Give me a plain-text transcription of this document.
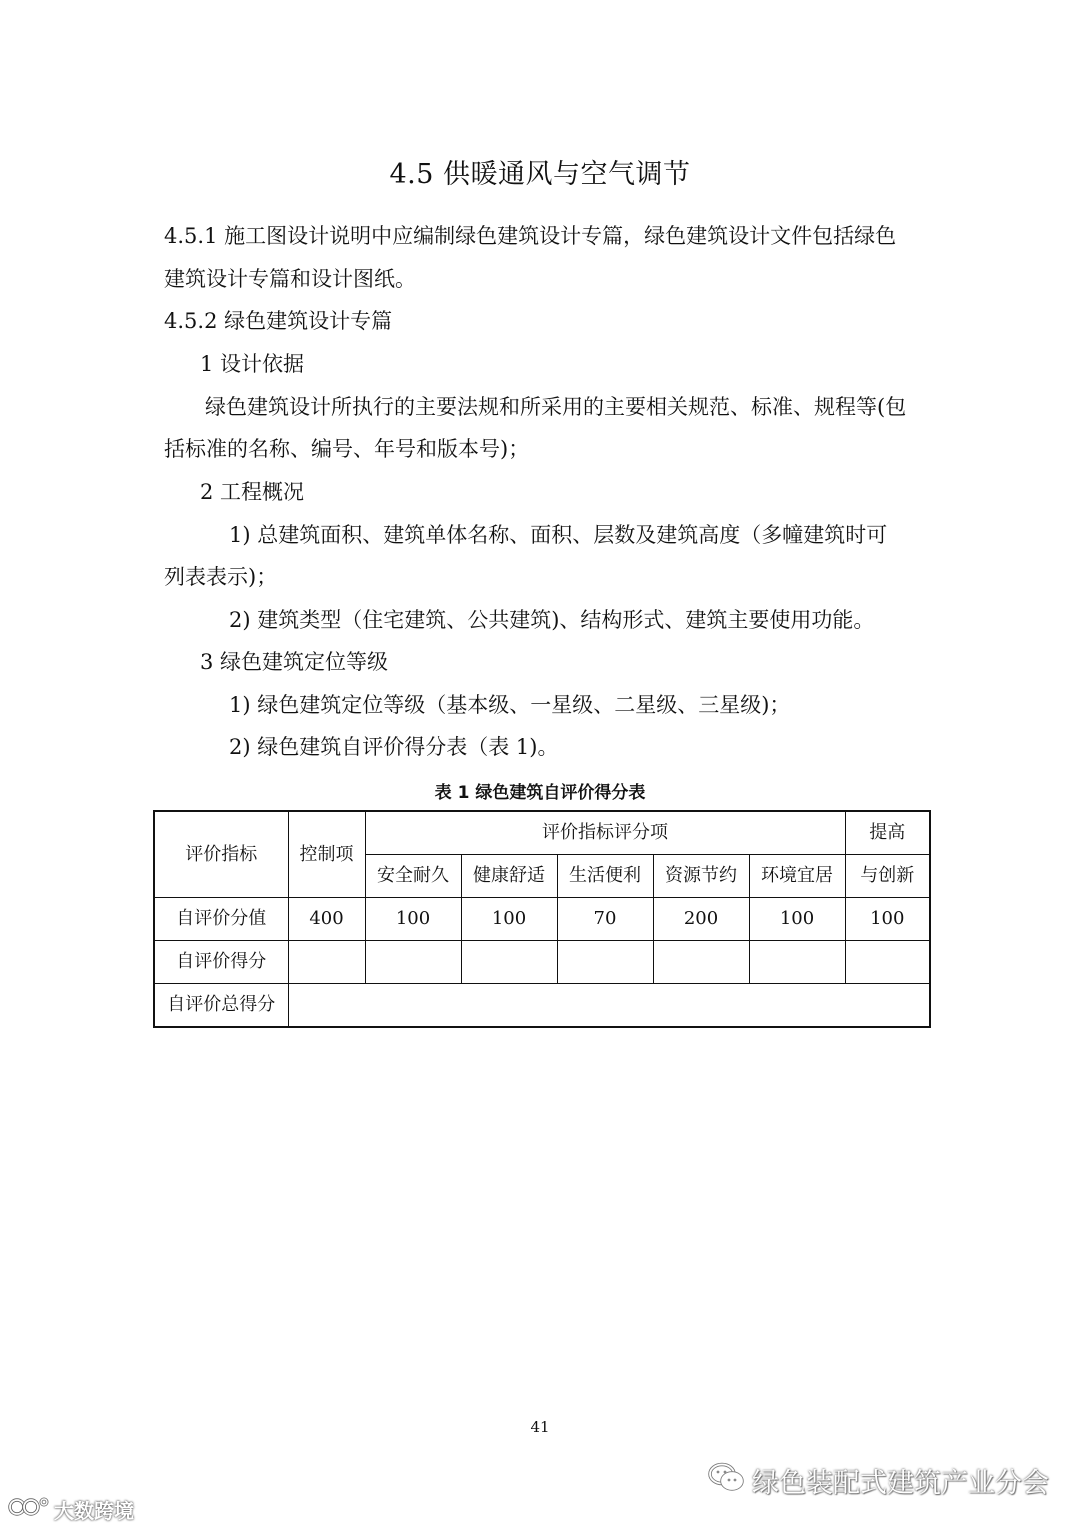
4.5 供暖通风与空气调节
4.5.1 施工图设计说明中应编制绿色建筑设计专篇，绿色建筑设计文件包括绿色
建筑设计专篇和设计图纸。
4.5.2 绿色建筑设计专篇
1 设计依据
绿色建筑设计所执行的主要法规和所采用的主要相关规范、标准、规程等(包
括标准的名称、编号、年号和版本号)；
2 工程概况
1) 总建筑面积、建筑单体名称、面积、层数及建筑高度（多幢建筑时可
列表表示)；
2) 建筑类型（住宅建筑、公共建筑)、结构形式、建筑主要使用功能。
3 绿色建筑定位等级
1) 绿色建筑定位等级（基本级、一星级、二星级、三星级)；
2) 绿色建筑自评价得分表（表 1)。
表 1 绿色建筑自评价得分表
评价指标	控制项	评价指标评分项					提高
		安全耐久	健康舒适	生活便利	资源节约	环境宜居	与创新
自评价分值	400	100	100	70	200	100	100
自评价得分							
自评价总得分							
41
绿色装配式建筑产业分会
大数跨境
